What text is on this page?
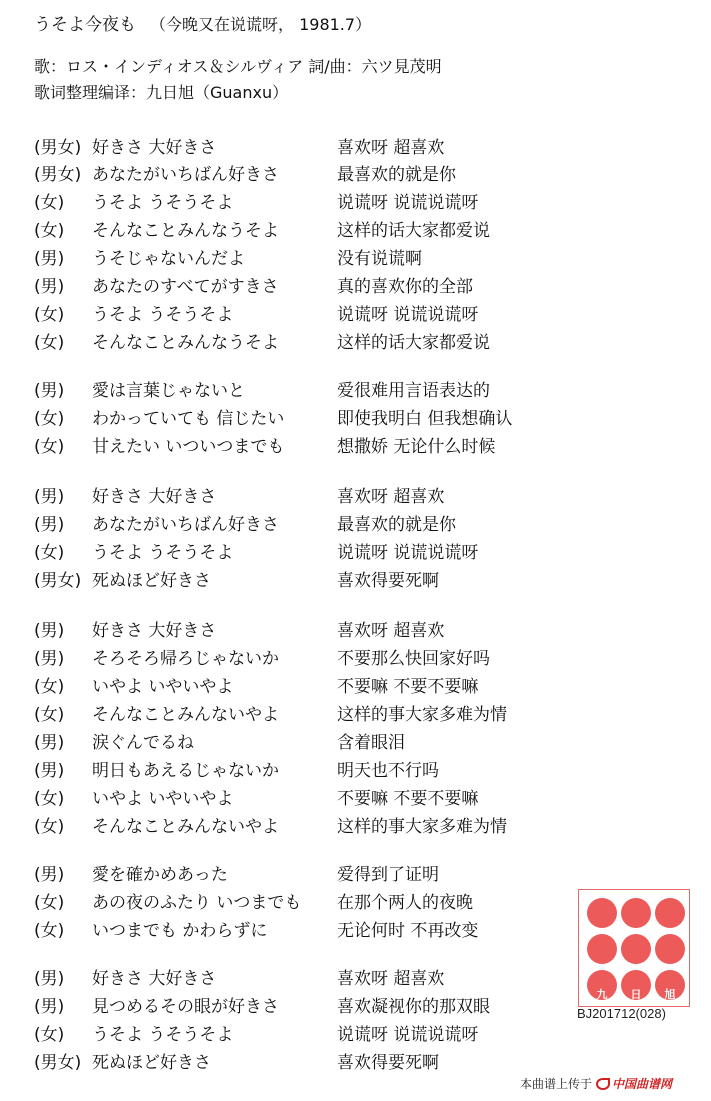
うそよ今夜も （今晚又在说谎呀， 1981.7）
歌：ロス・インディオス＆シルヴィア 詞/曲：六ツ見茂明
歌词整理编译：九日旭（Guanxu）
(男女) 好きさ 大好きさ	喜欢呀 超喜欢
(男女) あなたがいちばん好きさ	最喜欢的就是你
(女)	うそよ うそうそよ	说谎呀 说谎说谎呀
(女)	そんなことみんなうそよ	这样的话大家都爱说
(男)	うそじゃないんだよ	没有说谎啊
(男)	あなたのすべてがすきさ	真的喜欢你的全部
(女)	うそよ うそうそよ	说谎呀 说谎说谎呀
(女)	そんなことみんなうそよ	这样的话大家都爱说
(男)	愛は言葉じゃないと	爱很难用言语表达的
(女)	わかっていても 信じたい	即使我明白 但我想确认
(女)	甘えたい いついつまでも	想撒娇 无论什么时候
(男)	好きさ 大好きさ	喜欢呀 超喜欢
(男)	あなたがいちばん好きさ	最喜欢的就是你
(女)	うそよ うそうそよ	说谎呀 说谎说谎呀
(男女) 死ぬほど好きさ	喜欢得要死啊
(男)	好きさ 大好きさ	喜欢呀 超喜欢
(男)	そろそろ帰ろじゃないか	不要那么快回家好吗
(女)	いやよ いやいやよ	不要嘛 不要不要嘛
(女)	そんなことみんないやよ	这样的事大家多难为情
(男)	涙ぐんでるね	含着眼泪
(男)	明日もあえるじゃないか	明天也不行吗
(女)	いやよ いやいやよ	不要嘛 不要不要嘛
(女)	そんなことみんないやよ	这样的事大家多难为情
(男)	愛を確かめあった	爱得到了证明
(女)	あの夜のふたり いつまでも 在那个两人的夜晚
(女)	いつまでも かわらずに	无论何时 不再改变
(男)	好きさ 大好きさ	喜欢呀 超喜欢
(男)	見つめるその眼が好きさ	喜欢凝视你的那双眼
(女)	うそよ うそうそよ	说谎呀 说谎说谎呀
(男女) 死ぬほど好きさ	喜欢得要死啊
九	日	旭
BJ201712(028)
本曲谱上传于 中国曲谱网
